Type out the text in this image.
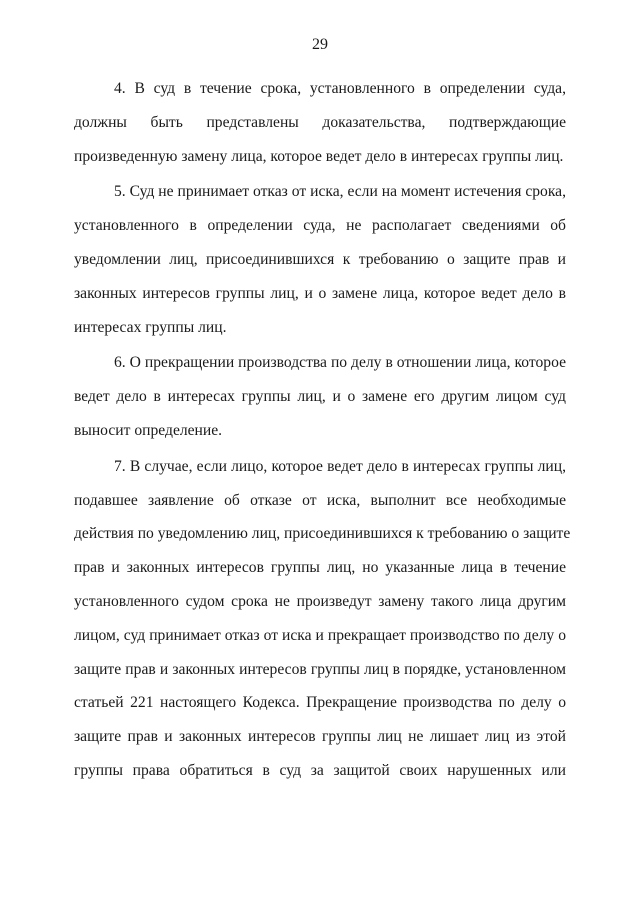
29
4. В суд в течение срока, установленного в определении суда,
должны быть представлены доказательства, подтверждающие
произведенную замену лица, которое ведет дело в интересах группы лиц.
5. Суд не принимает отказ от иска, если на момент истечения срока,
установленного в определении суда, не располагает сведениями об
уведомлении лиц, присоединившихся к требованию о защите прав и
законных интересов группы лиц, и о замене лица, которое ведет дело в
интересах группы лиц.
6. О прекращении производства по делу в отношении лица, которое
ведет дело в интересах группы лиц, и о замене его другим лицом суд
выносит определение.
7. В случае, если лицо, которое ведет дело в интересах группы лиц,
подавшее заявление об отказе от иска, выполнит все необходимые
действия по уведомлению лиц, присоединившихся к требованию о защите
прав и законных интересов группы лиц, но указанные лица в течение
установленного судом срока не произведут замену такого лица другим
лицом, суд принимает отказ от иска и прекращает производство по делу о
защите прав и законных интересов группы лиц в порядке, установленном
статьей 221 настоящего Кодекса. Прекращение производства по делу о
защите прав и законных интересов группы лиц не лишает лиц из этой
группы права обратиться в суд за защитой своих нарушенных или
